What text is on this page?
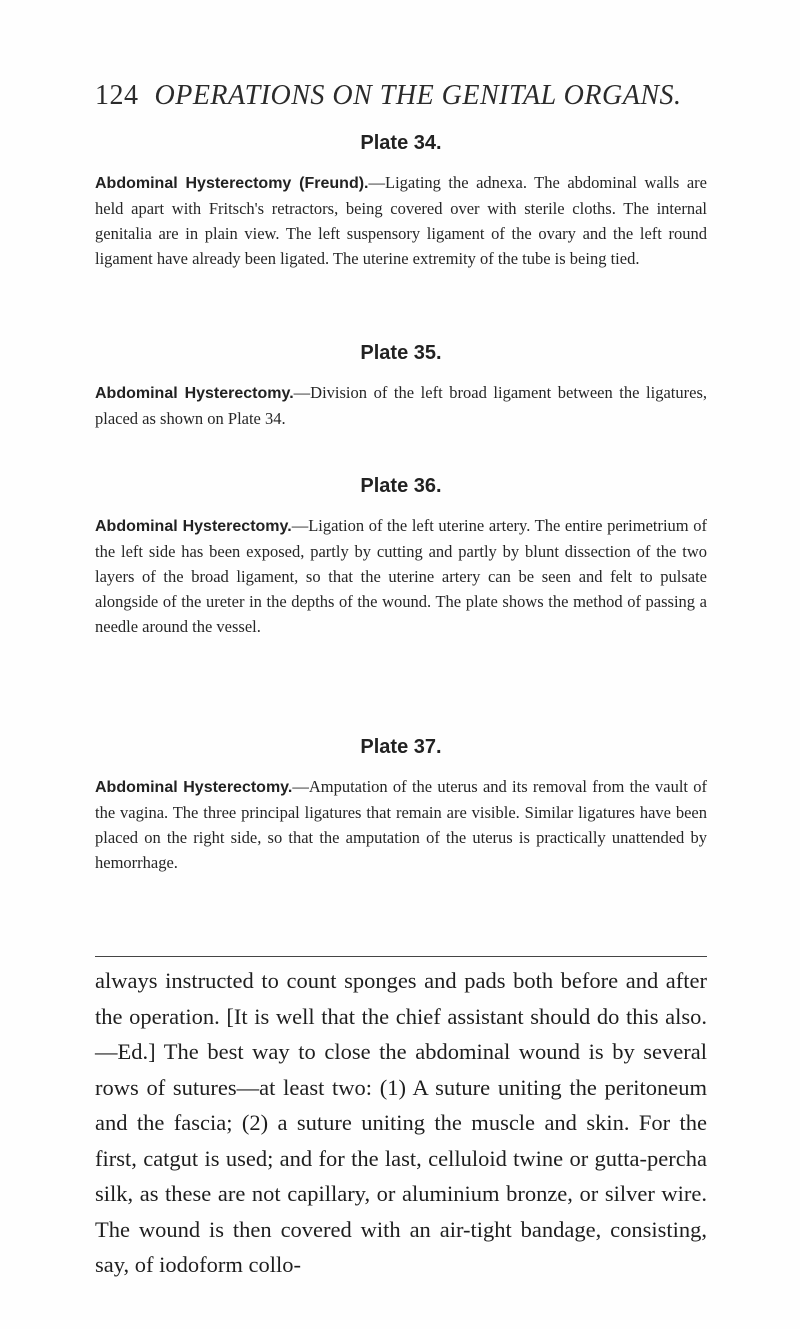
124 OPERATIONS ON THE GENITAL ORGANS.
Plate 34.
Abdominal Hysterectomy (Freund).—Ligating the adnexa. The abdominal walls are held apart with Fritsch's retractors, being covered over with sterile cloths. The internal genitalia are in plain view. The left suspensory ligament of the ovary and the left round ligament have already been ligated. The uterine extremity of the tube is being tied.
Plate 35.
Abdominal Hysterectomy.—Division of the left broad ligament between the ligatures, placed as shown on Plate 34.
Plate 36.
Abdominal Hysterectomy.—Ligation of the left uterine artery. The entire perimetrium of the left side has been exposed, partly by cutting and partly by blunt dissection of the two layers of the broad ligament, so that the uterine artery can be seen and felt to pulsate alongside of the ureter in the depths of the wound. The plate shows the method of passing a needle around the vessel.
Plate 37.
Abdominal Hysterectomy.—Amputation of the uterus and its removal from the vault of the vagina. The three principal ligatures that remain are visible. Similar ligatures have been placed on the right side, so that the amputation of the uterus is practically unattended by hemorrhage.
always instructed to count sponges and pads both before and after the operation. [It is well that the chief assistant should do this also.—Ed.] The best way to close the abdominal wound is by several rows of sutures—at least two: (1) A suture uniting the peritoneum and the fascia; (2) a suture uniting the muscle and skin. For the first, catgut is used; and for the last, celluloid twine or gutta-percha silk, as these are not capillary, or aluminium bronze, or silver wire. The wound is then covered with an air-tight bandage, consisting, say, of iodoform collo-
